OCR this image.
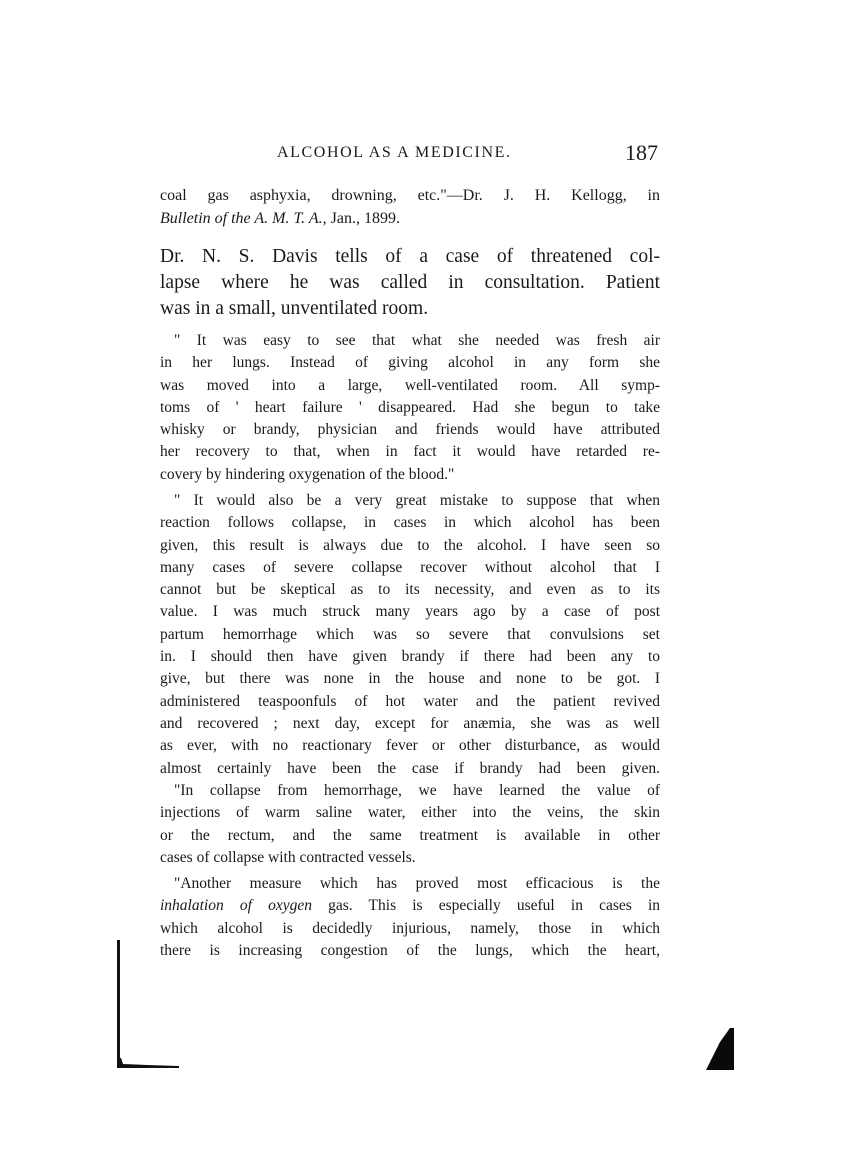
ALCOHOL AS A MEDICINE.	187
coal gas asphyxia, drowning, etc."—Dr. J. H. Kellogg, in
Bulletin of the A. M. T. A., Jan., 1899.
Dr. N. S. Davis tells of a case of threatened col-
lapse where he was called in consultation. Patient
was in a small, unventilated room.
" It was easy to see that what she needed was fresh air
in her lungs. Instead of giving alcohol in any form she
was moved into a large, well-ventilated room. All symp-
toms of ' heart failure ' disappeared. Had she begun to take
whisky or brandy, physician and friends would have attributed
her recovery to that, when in fact it would have retarded re-
covery by hindering oxygenation of the blood."
" It would also be a very great mistake to suppose that when
reaction follows collapse, in cases in which alcohol has been
given, this result is always due to the alcohol. I have seen so
many cases of severe collapse recover without alcohol that I
cannot but be skeptical as to its necessity, and even as to its
value. I was much struck many years ago by a case of post
partum hemorrhage which was so severe that convulsions set
in. I should then have given brandy if there had been any to
give, but there was none in the house and none to be got. I
administered teaspoonfuls of hot water and the patient revived
and recovered ; next day, except for anæmia, she was as well
as ever, with no reactionary fever or other disturbance, as would
almost certainly have been the case if brandy had been given.
"In collapse from hemorrhage, we have learned the value of
injections of warm saline water, either into the veins, the skin
or the rectum, and the same treatment is available in other
cases of collapse with contracted vessels.
"Another measure which has proved most efficacious is the
inhalation of oxygen gas. This is especially useful in cases in
which alcohol is decidedly injurious, namely, those in which
there is increasing congestion of the lungs, which the heart,
